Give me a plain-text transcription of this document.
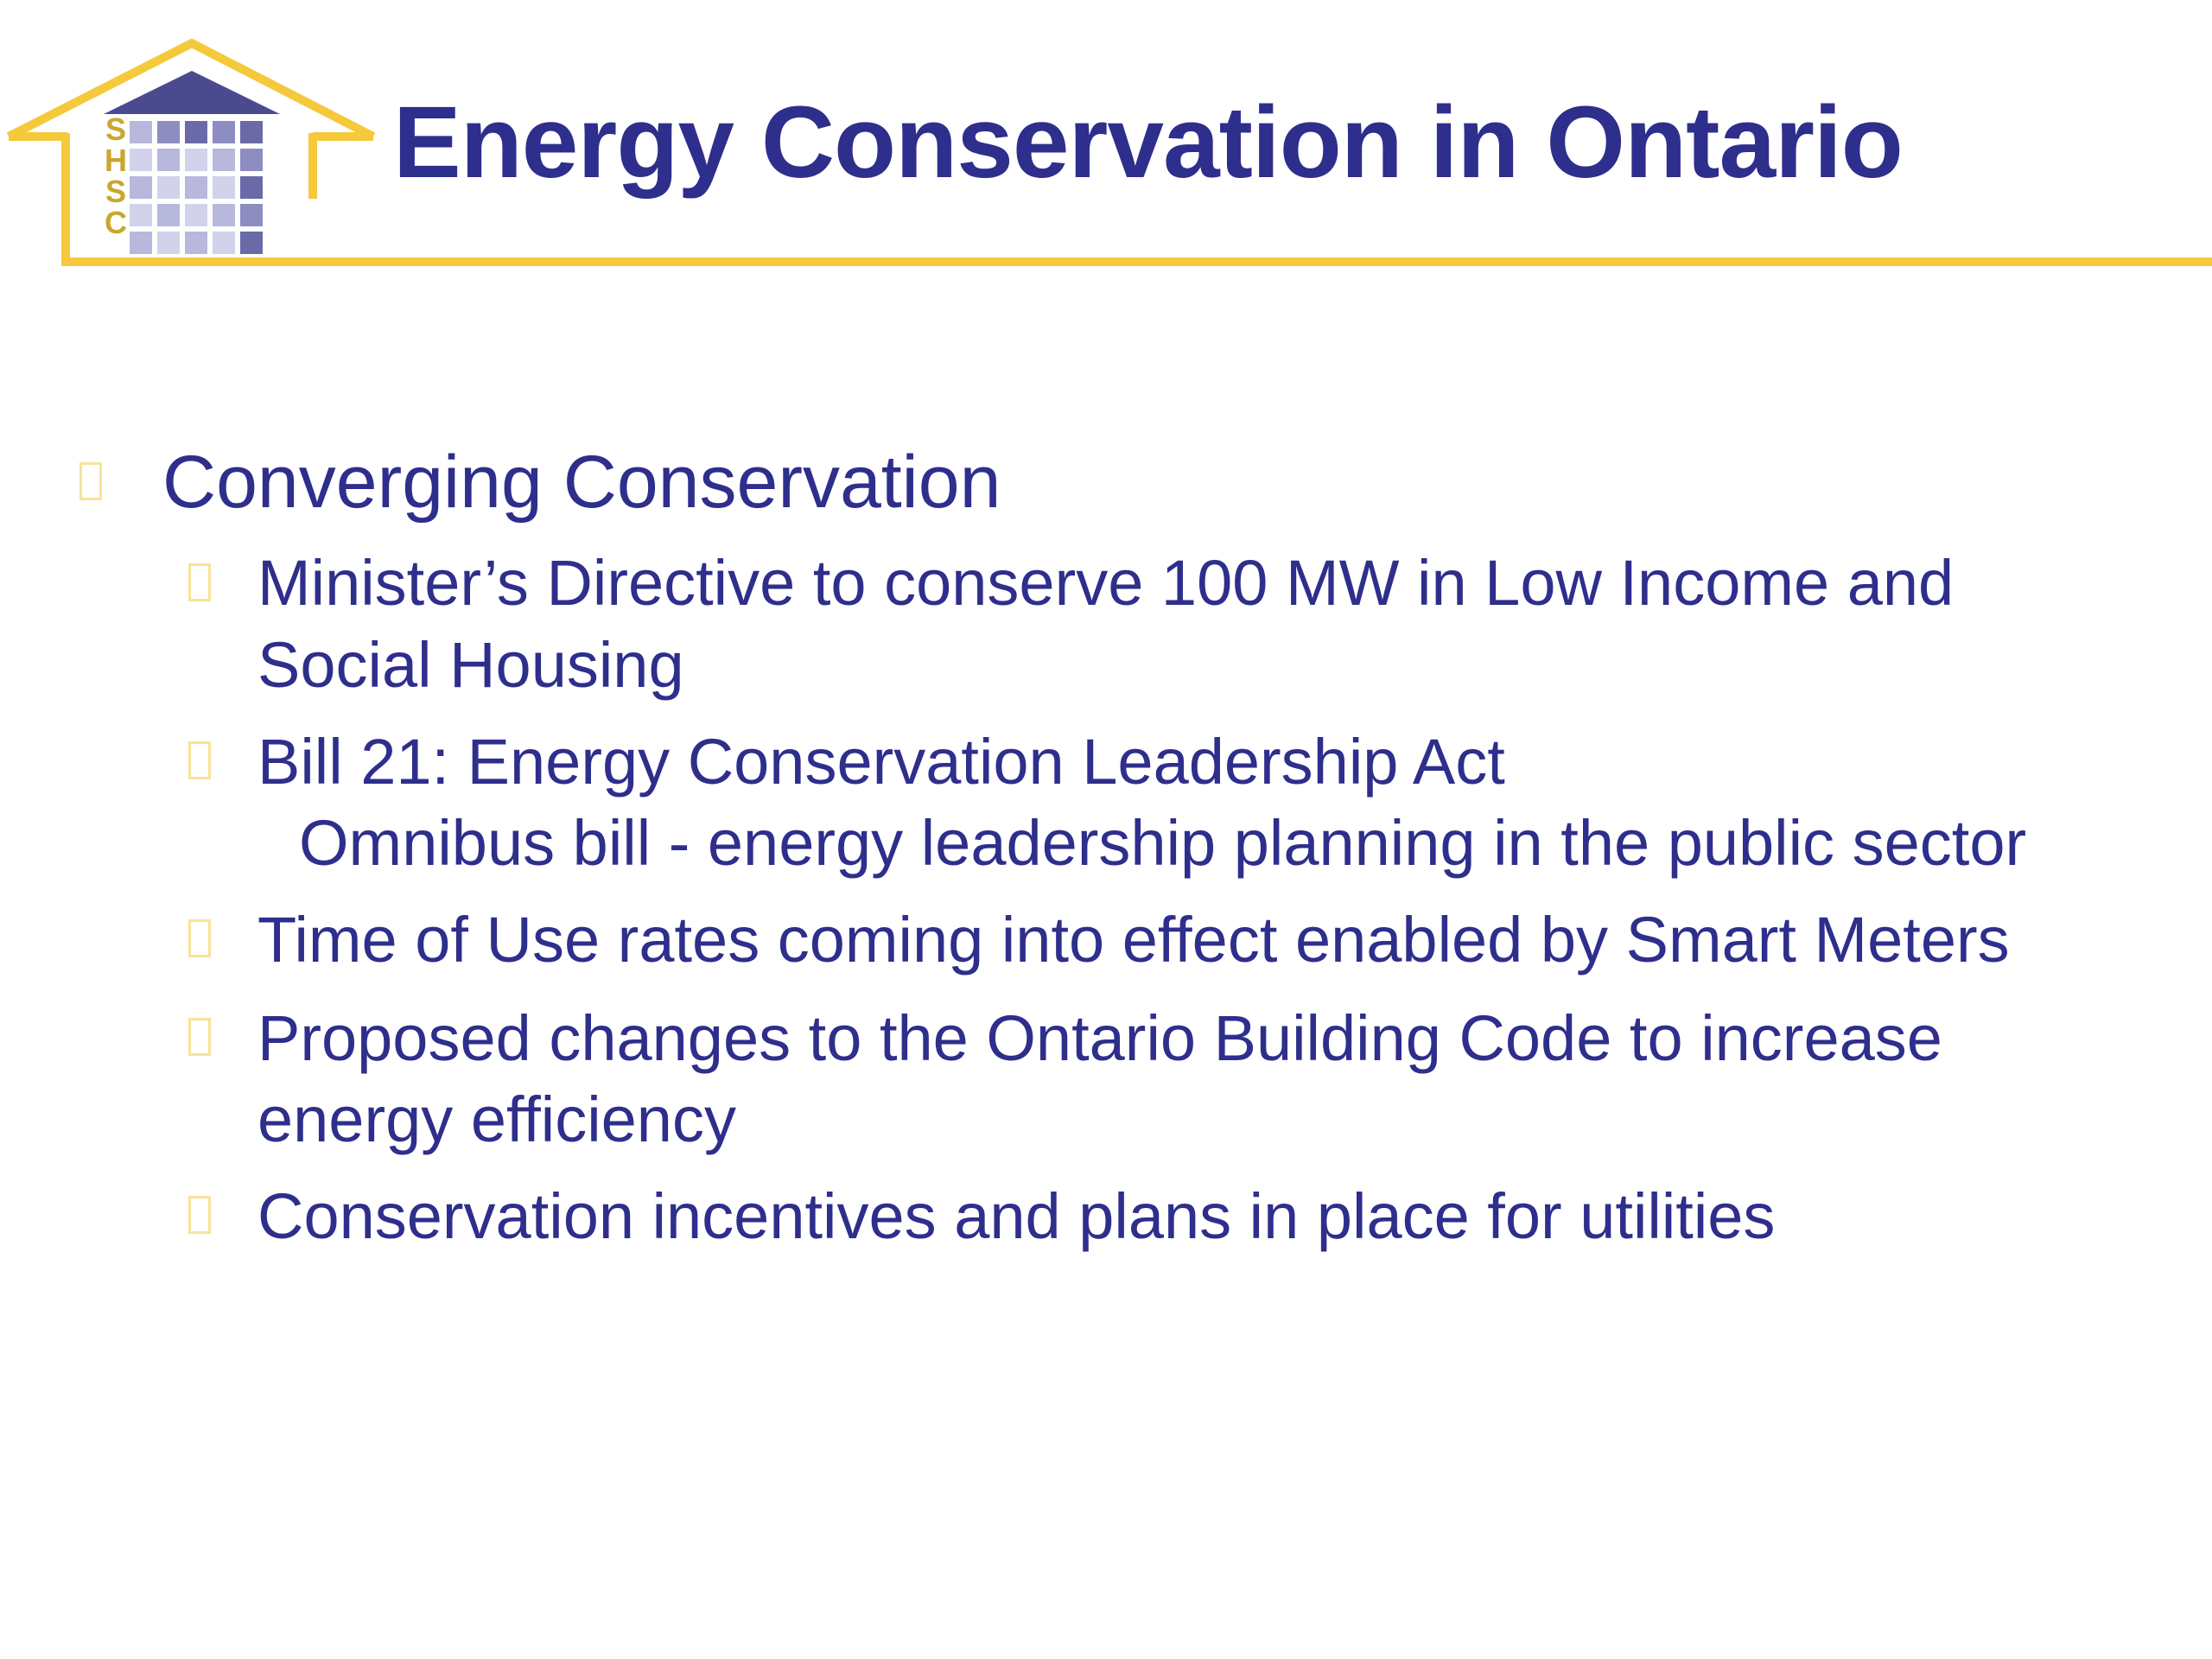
S
H
S
C
Energy Conservation in Ontario
Converging Conservation
Minister’s Directive to conserve 100 MW in Low Income and
Social Housing
Bill 21: Energy Conservation Leadership Act
Omnibus bill - energy leadership planning in the public sector
Time of Use rates coming into effect enabled by Smart Meters
Proposed changes to the Ontario Building Code to increase
energy efficiency
Conservation incentives and plans in place for utilities
